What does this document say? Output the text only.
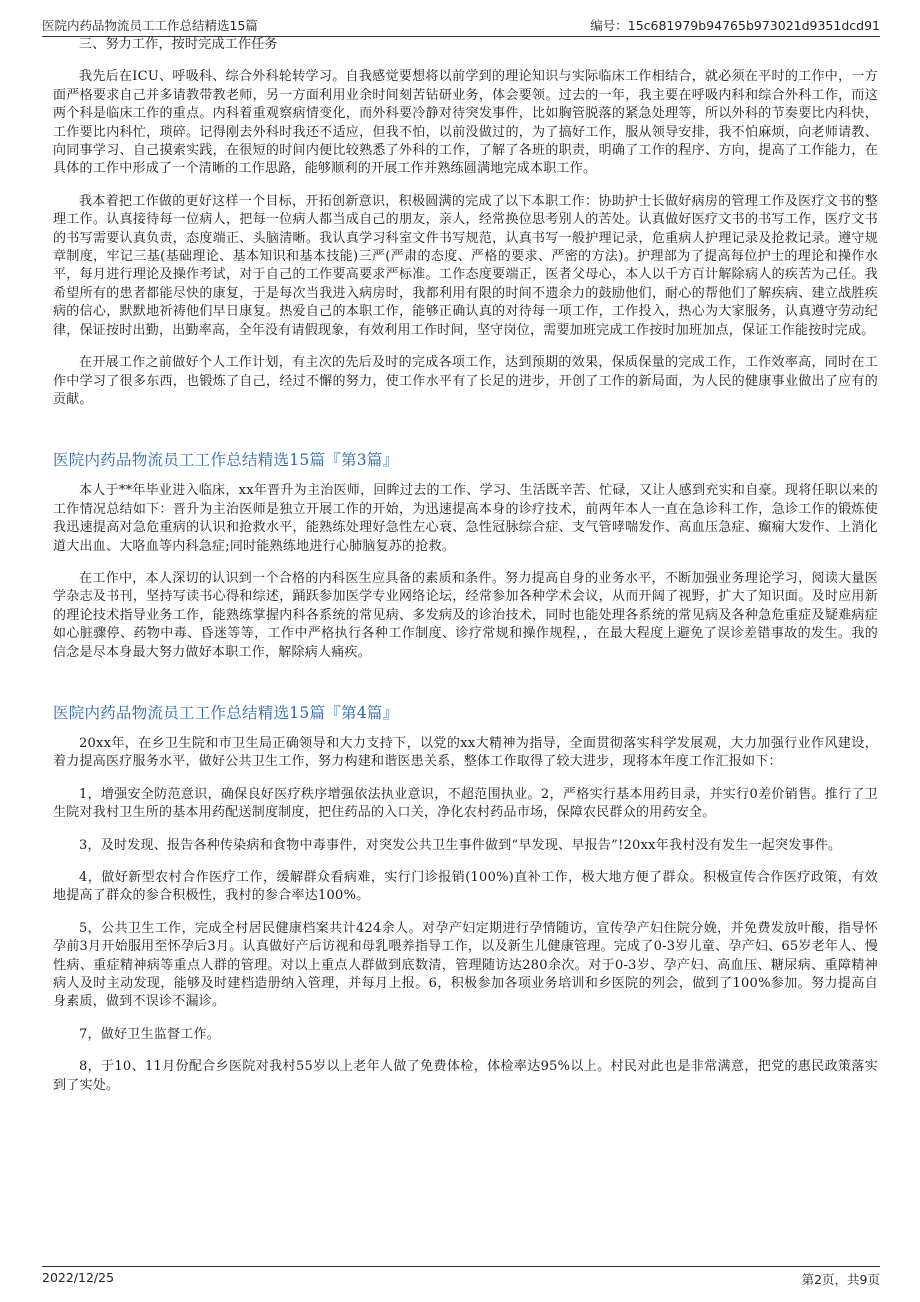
医院内药品物流员工工作总结精选15篇	编号：15c681979b94765b973021d9351dcd91

三、努力工作，按时完成工作任务

我先后在ICU、呼吸科、综合外科轮转学习。自我感觉要想将以前学到的理论知识与实际临床工作相结合，就必须在平时的工作中，一方面严格要求自己并多请教带教老师，另一方面利用业余时间刻苦钻研业务，体会要领。过去的一年，我主要在呼吸内科和综合外科工作，而这两个科是临床工作的重点。内科着重观察病情变化，而外科要冷静对待突发事件，比如胸管脱落的紧急处理等，所以外科的节奏要比内科快，工作要比内科忙，琐碎。记得刚去外科时我还不适应，但我不怕，以前没做过的，为了搞好工作，服从领导安排，我不怕麻烦，向老师请教、向同事学习、自己摸索实践，在很短的时间内便比较熟悉了外科的工作，了解了各班的职责，明确了工作的程序、方向，提高了工作能力，在具体的工作中形成了一个清晰的工作思路，能够顺利的开展工作并熟练圆满地完成本职工作。

我本着把工作做的更好这样一个目标，开拓创新意识，积极圆满的完成了以下本职工作：协助护士长做好病房的管理工作及医疗文书的整理工作。认真接待每一位病人，把每一位病人都当成自己的朋友，亲人，经常换位思考别人的苦处。认真做好医疗文书的书写工作，医疗文书的书写需要认真负责，态度端正、头脑清晰。我认真学习科室文件书写规范，认真书写一般护理记录，危重病人护理记录及抢救记录。遵守规章制度，牢记三基(基础理论、基本知识和基本技能)三严(严肃的态度、严格的要求、严密的方法)。护理部为了提高每位护士的理论和操作水平，每月进行理论及操作考试，对于自己的工作要高要求严标准。工作态度要端正，医者父母心，本人以千方百计解除病人的疾苦为己任。我希望所有的患者都能尽快的康复，于是每次当我进入病房时，我都利用有限的时间不遗余力的鼓励他们，耐心的帮他们了解疾病、建立战胜疾病的信心，默默地祈祷他们早日康复。热爱自己的本职工作，能够正确认真的对待每一项工作，工作投入，热心为大家服务，认真遵守劳动纪律，保证按时出勤，出勤率高，全年没有请假现象，有效利用工作时间，坚守岗位，需要加班完成工作按时加班加点，保证工作能按时完成。

在开展工作之前做好个人工作计划，有主次的先后及时的完成各项工作，达到预期的效果，保质保量的完成工作，工作效率高，同时在工作中学习了很多东西，也锻炼了自己，经过不懈的努力，使工作水平有了长足的进步，开创了工作的新局面，为人民的健康事业做出了应有的贡献。

医院内药品物流员工工作总结精选15篇『第3篇』

本人于**年毕业进入临床，xx年晋升为主治医师，回眸过去的工作、学习、生活既辛苦、忙碌，又让人感到充实和自豪。现将任职以来的工作情况总结如下：晋升为主治医师是独立开展工作的开始，为迅速提高本身的诊疗技术，前两年本人一直在急诊科工作，急诊工作的锻炼使我迅速提高对急危重病的认识和抢救水平，能熟练处理好急性左心衰、急性冠脉综合症、支气管哮喘发作、高血压急症、癫痫大发作、上消化道大出血、大咯血等内科急症;同时能熟练地进行心肺脑复苏的抢救。

在工作中，本人深切的认识到一个合格的内科医生应具备的素质和条件。努力提高自身的业务水平，不断加强业务理论学习，阅读大量医学杂志及书刊，坚持写读书心得和综述，踊跃参加医学专业网络论坛，经常参加各种学术会议，从而开阔了视野，扩大了知识面。及时应用新的理论技术指导业务工作，能熟练掌握内科各系统的常见病、多发病及的诊治技术，同时也能处理各系统的常见病及各种急危重症及疑难病症如心脏骤停、药物中毒、昏迷等等，工作中严格执行各种工作制度、诊疗常规和操作规程，，在最大程度上避免了误诊差错事故的发生。我的信念是尽本身最大努力做好本职工作，解除病人痛疾。

医院内药品物流员工工作总结精选15篇『第4篇』

20xx年，在乡卫生院和市卫生局正确领导和大力支持下，以党的xx大精神为指导，全面贯彻落实科学发展观，大力加强行业作风建设，着力提高医疗服务水平，做好公共卫生工作，努力构建和谐医患关系，整体工作取得了较大进步，现将本年度工作汇报如下：

1，增强安全防范意识，确保良好医疗秩序增强依法执业意识，不超范围执业。2，严格实行基本用药目录，并实行0差价销售。推行了卫生院对我村卫生所的基本用药配送制度制度，把住药品的入口关，净化农村药品市场，保障农民群众的用药安全。

3，及时发现、报告各种传染病和食物中毒事件，对突发公共卫生事件做到“早发现、早报告”!20xx年我村没有发生一起突发事件。

4，做好新型农村合作医疗工作，缓解群众看病难，实行门诊报销(100%)直补工作，极大地方便了群众。积极宣传合作医疗政策，有效地提高了群众的参合积极性，我村的参合率达100%。

5，公共卫生工作，完成全村居民健康档案共计424余人。对孕产妇定期进行孕情随访，宣传孕产妇住院分娩，并免费发放叶酸，指导怀孕前3月开始服用至怀孕后3月。认真做好产后访视和母乳喂养指导工作，以及新生儿健康管理。完成了0-3岁儿童、孕产妇、65岁老年人、慢性病、重症精神病等重点人群的管理。对以上重点人群做到底数清，管理随访达280余次。对于0-3岁、孕产妇、高血压、糖尿病、重障精神病人及时主动发现，能够及时建档造册纳入管理，并每月上报。6，积极参加各项业务培训和乡医院的列会，做到了100%参加。努力提高自身素质，做到不误诊不漏诊。

7，做好卫生监督工作。

8，于10、11月份配合乡医院对我村55岁以上老年人做了免费体检，体检率达95%以上。村民对此也是非常满意，把党的惠民政策落实到了实处。

2022/12/25	第2页，共9页
